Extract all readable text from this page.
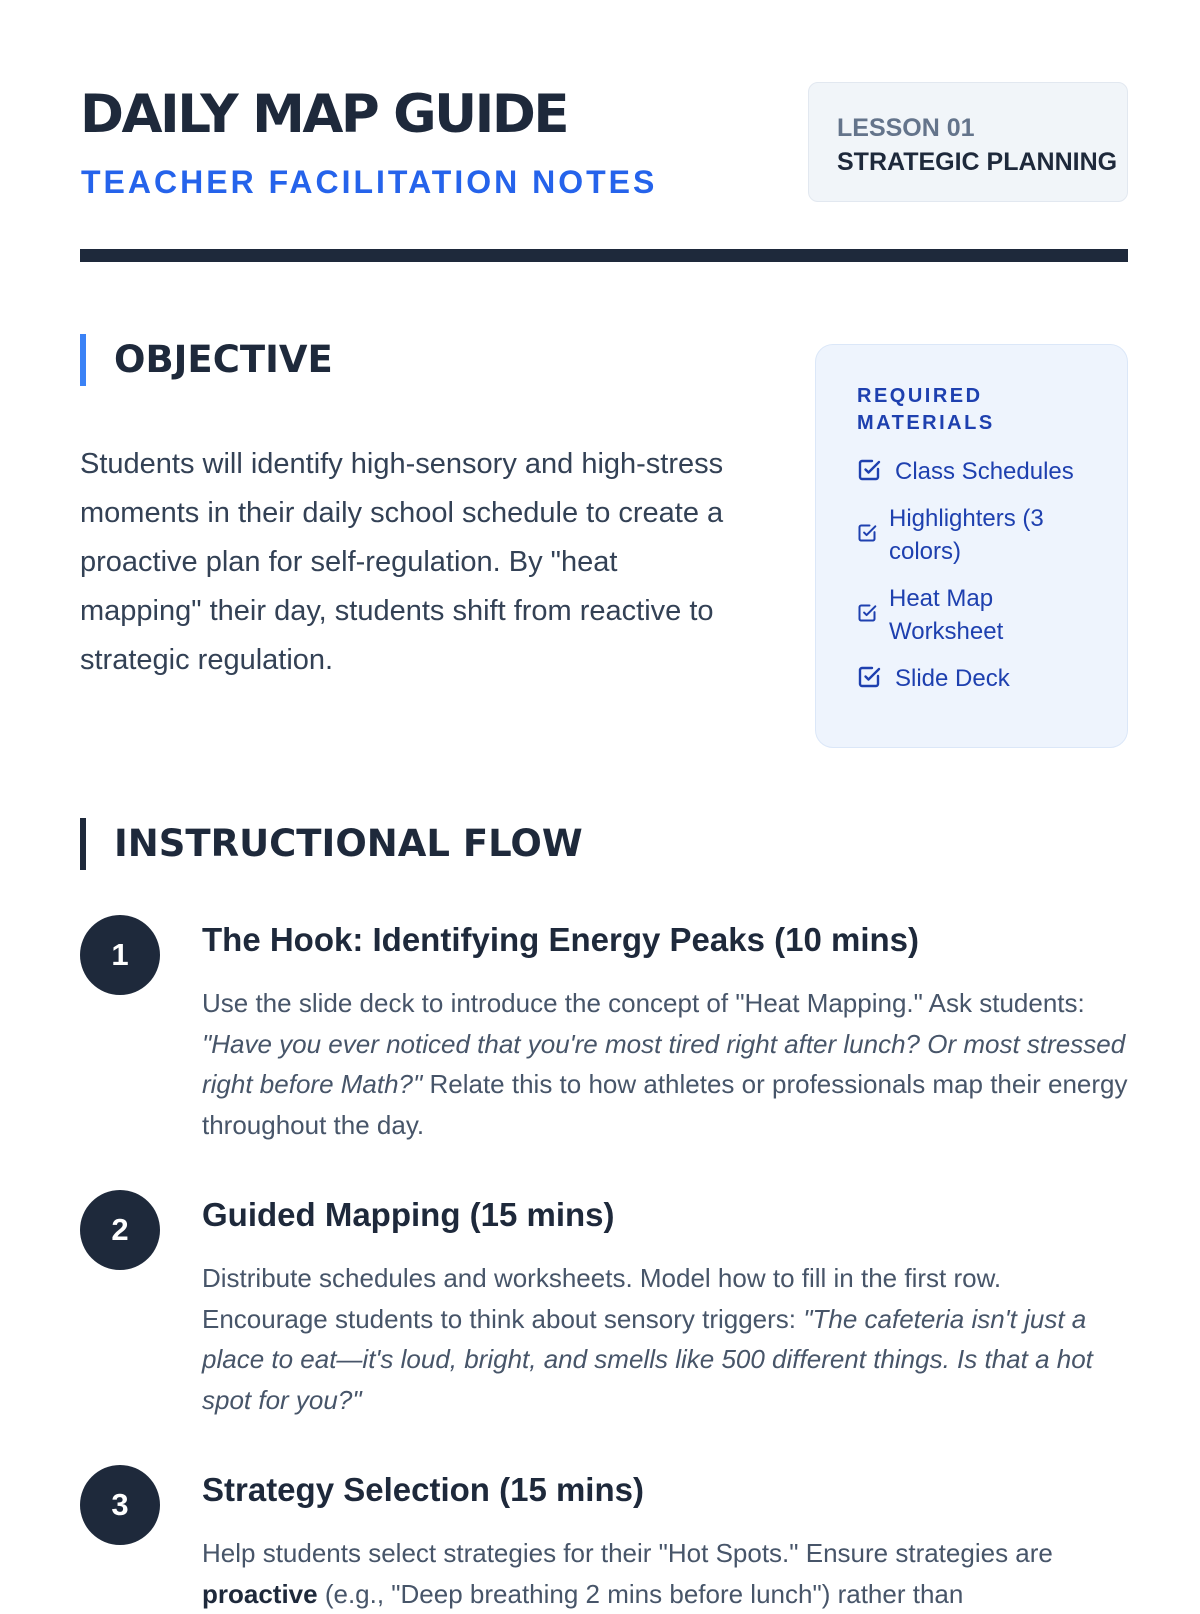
DAILY MAP GUIDE
TEACHER FACILITATION NOTES
LESSON 01
STRATEGIC PLANNING
OBJECTIVE

Students will identify high-sensory and high-stress moments in their daily school schedule to create a proactive plan for self-regulation. By "heat mapping" their day, students shift from reactive to strategic regulation.

REQUIRED MATERIALS
Class Schedules
Highlighters (3 colors)
Heat Map Worksheet
Slide Deck
INSTRUCTIONAL FLOW
1	The Hook: Identifying Energy Peaks (10 mins)

Use the slide deck to introduce the concept of "Heat Mapping." Ask students: "Have you ever noticed that you're most tired right after lunch? Or most stressed right before Math?" Relate this to how athletes or professionals map their energy throughout the day.

2	Guided Mapping (15 mins)

Distribute schedules and worksheets. Model how to fill in the first row. Encourage students to think about sensory triggers: "The cafeteria isn't just a place to eat—it's loud, bright, and smells like 500 different things. Is that a hot spot for you?"

3	Strategy Selection (15 mins)

Help students select strategies for their "Hot Spots." Ensure strategies are proactive (e.g., "Deep breathing 2 mins before lunch") rather than
